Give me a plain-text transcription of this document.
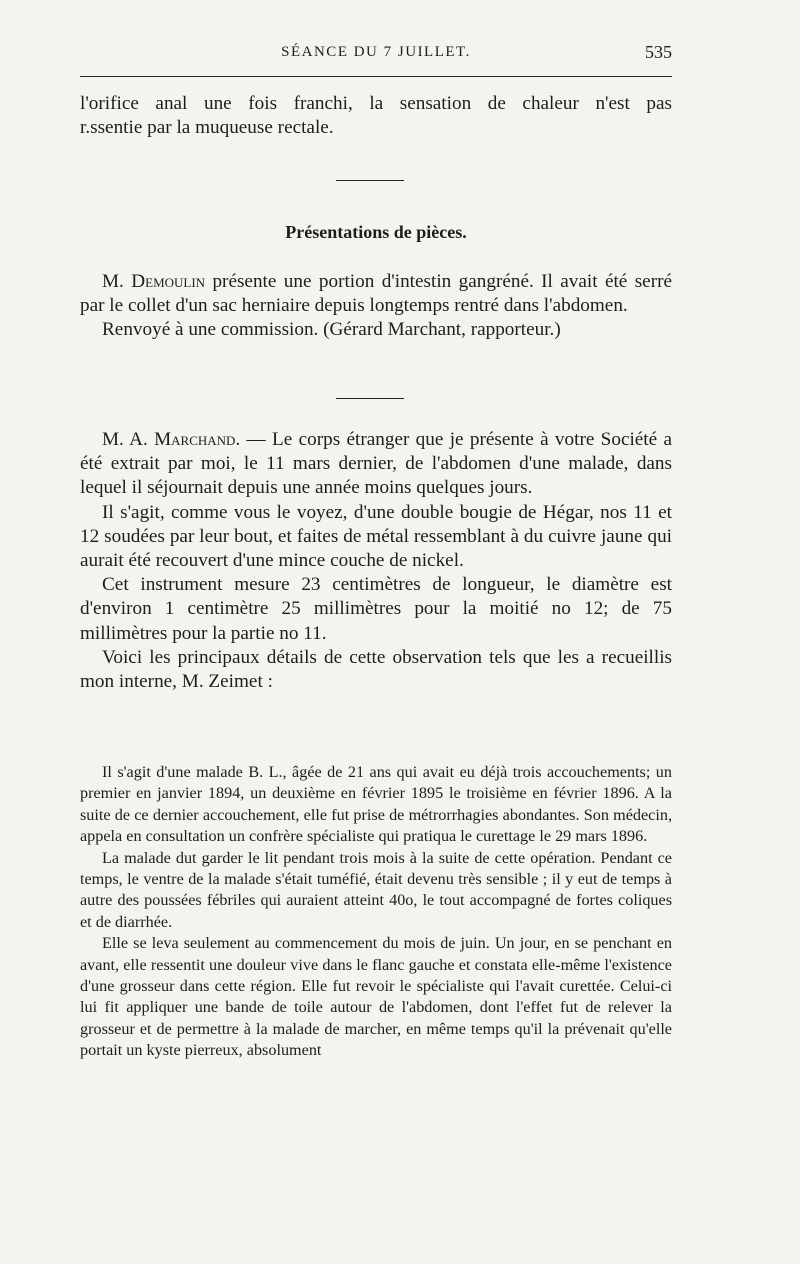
SÉANCE DU 7 JUILLET.	535

l'orifice anal une fois franchi, la sensation de chaleur n'est pas

r.ssentie par la muqueuse rectale.

Présentations de pièces.

M. Demoulin présente une portion d'intestin gangréné. Il avait été serré par le collet d'un sac herniaire depuis longtemps rentré dans l'abdomen.

Renvoyé à une commission. (Gérard Marchant, rapporteur.)

M. A. Marchand. — Le corps étranger que je présente à votre Société a été extrait par moi, le 11 mars dernier, de l'abdomen d'une malade, dans lequel il séjournait depuis une année moins quelques jours.

Il s'agit, comme vous le voyez, d'une double bougie de Hégar, nos 11 et 12 soudées par leur bout, et faites de métal ressemblant à du cuivre jaune qui aurait été recouvert d'une mince couche de nickel.

Cet instrument mesure 23 centimètres de longueur, le diamètre est d'environ 1 centimètre 25 millimètres pour la moitié no 12; de 75 millimètres pour la partie no 11.

Voici les principaux détails de cette observation tels que les a recueillis mon interne, M. Zeimet :

Il s'agit d'une malade B. L., âgée de 21 ans qui avait eu déjà trois accouchements; un premier en janvier 1894, un deuxième en février 1895 le troisième en février 1896. A la suite de ce dernier accouchement, elle fut prise de métrorrhagies abondantes. Son médecin, appela en consultation un confrère spécialiste qui pratiqua le curettage le 29 mars 1896.

La malade dut garder le lit pendant trois mois à la suite de cette opération. Pendant ce temps, le ventre de la malade s'était tuméfié, était devenu très sensible ; il y eut de temps à autre des poussées fébriles qui auraient atteint 40o, le tout accompagné de fortes coliques et de diarrhée.

Elle se leva seulement au commencement du mois de juin. Un jour, en se penchant en avant, elle ressentit une douleur vive dans le flanc gauche et constata elle-même l'existence d'une grosseur dans cette région. Elle fut revoir le spécialiste qui l'avait curettée. Celui-ci lui fit appliquer une bande de toile autour de l'abdomen, dont l'effet fut de relever la grosseur et de permettre à la malade de marcher, en même temps qu'il la prévenait qu'elle portait un kyste pierreux, absolument
